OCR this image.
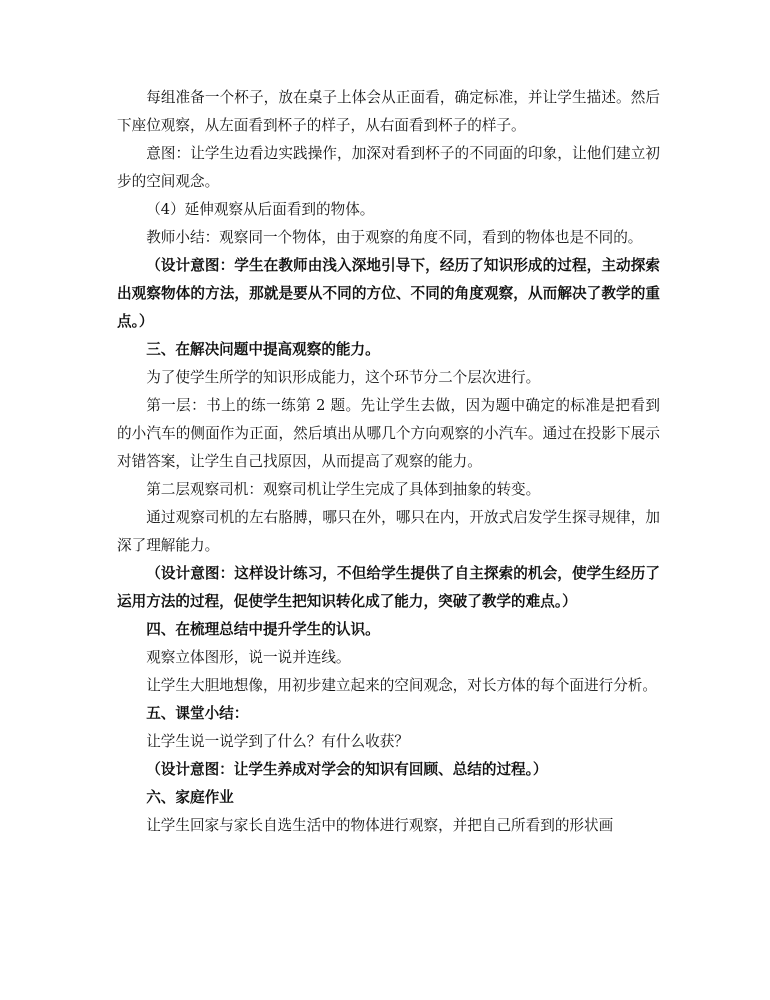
每组准备一个杯子，放在桌子上体会从正面看，确定标准，并让学生描述。然后下座位观察，从左面看到杯子的样子，从右面看到杯子的样子。

意图：让学生边看边实践操作，加深对看到杯子的不同面的印象，让他们建立初步的空间观念。

（4）延伸观察从后面看到的物体。

教师小结：观察同一个物体，由于观察的角度不同，看到的物体也是不同的。

（设计意图：学生在教师由浅入深地引导下，经历了知识形成的过程，主动探索出观察物体的方法，那就是要从不同的方位、不同的角度观察，从而解决了教学的重点。）

三、在解决问题中提高观察的能力。

为了使学生所学的知识形成能力，这个环节分二个层次进行。

第一层：书上的练一练第 2 题。先让学生去做，因为题中确定的标准是把看到的小汽车的侧面作为正面，然后填出从哪几个方向观察的小汽车。通过在投影下展示对错答案，让学生自己找原因，从而提高了观察的能力。

第二层观察司机：观察司机让学生完成了具体到抽象的转变。

通过观察司机的左右胳膊，哪只在外，哪只在内，开放式启发学生探寻规律，加深了理解能力。

（设计意图：这样设计练习，不但给学生提供了自主探索的机会，使学生经历了运用方法的过程，促使学生把知识转化成了能力，突破了教学的难点。）

四、在梳理总结中提升学生的认识。

观察立体图形，说一说并连线。

让学生大胆地想像，用初步建立起来的空间观念，对长方体的每个面进行分析。

五、课堂小结：

让学生说一说学到了什么？有什么收获？

（设计意图：让学生养成对学会的知识有回顾、总结的过程。）

六、家庭作业

让学生回家与家长自选生活中的物体进行观察，并把自己所看到的形状画
